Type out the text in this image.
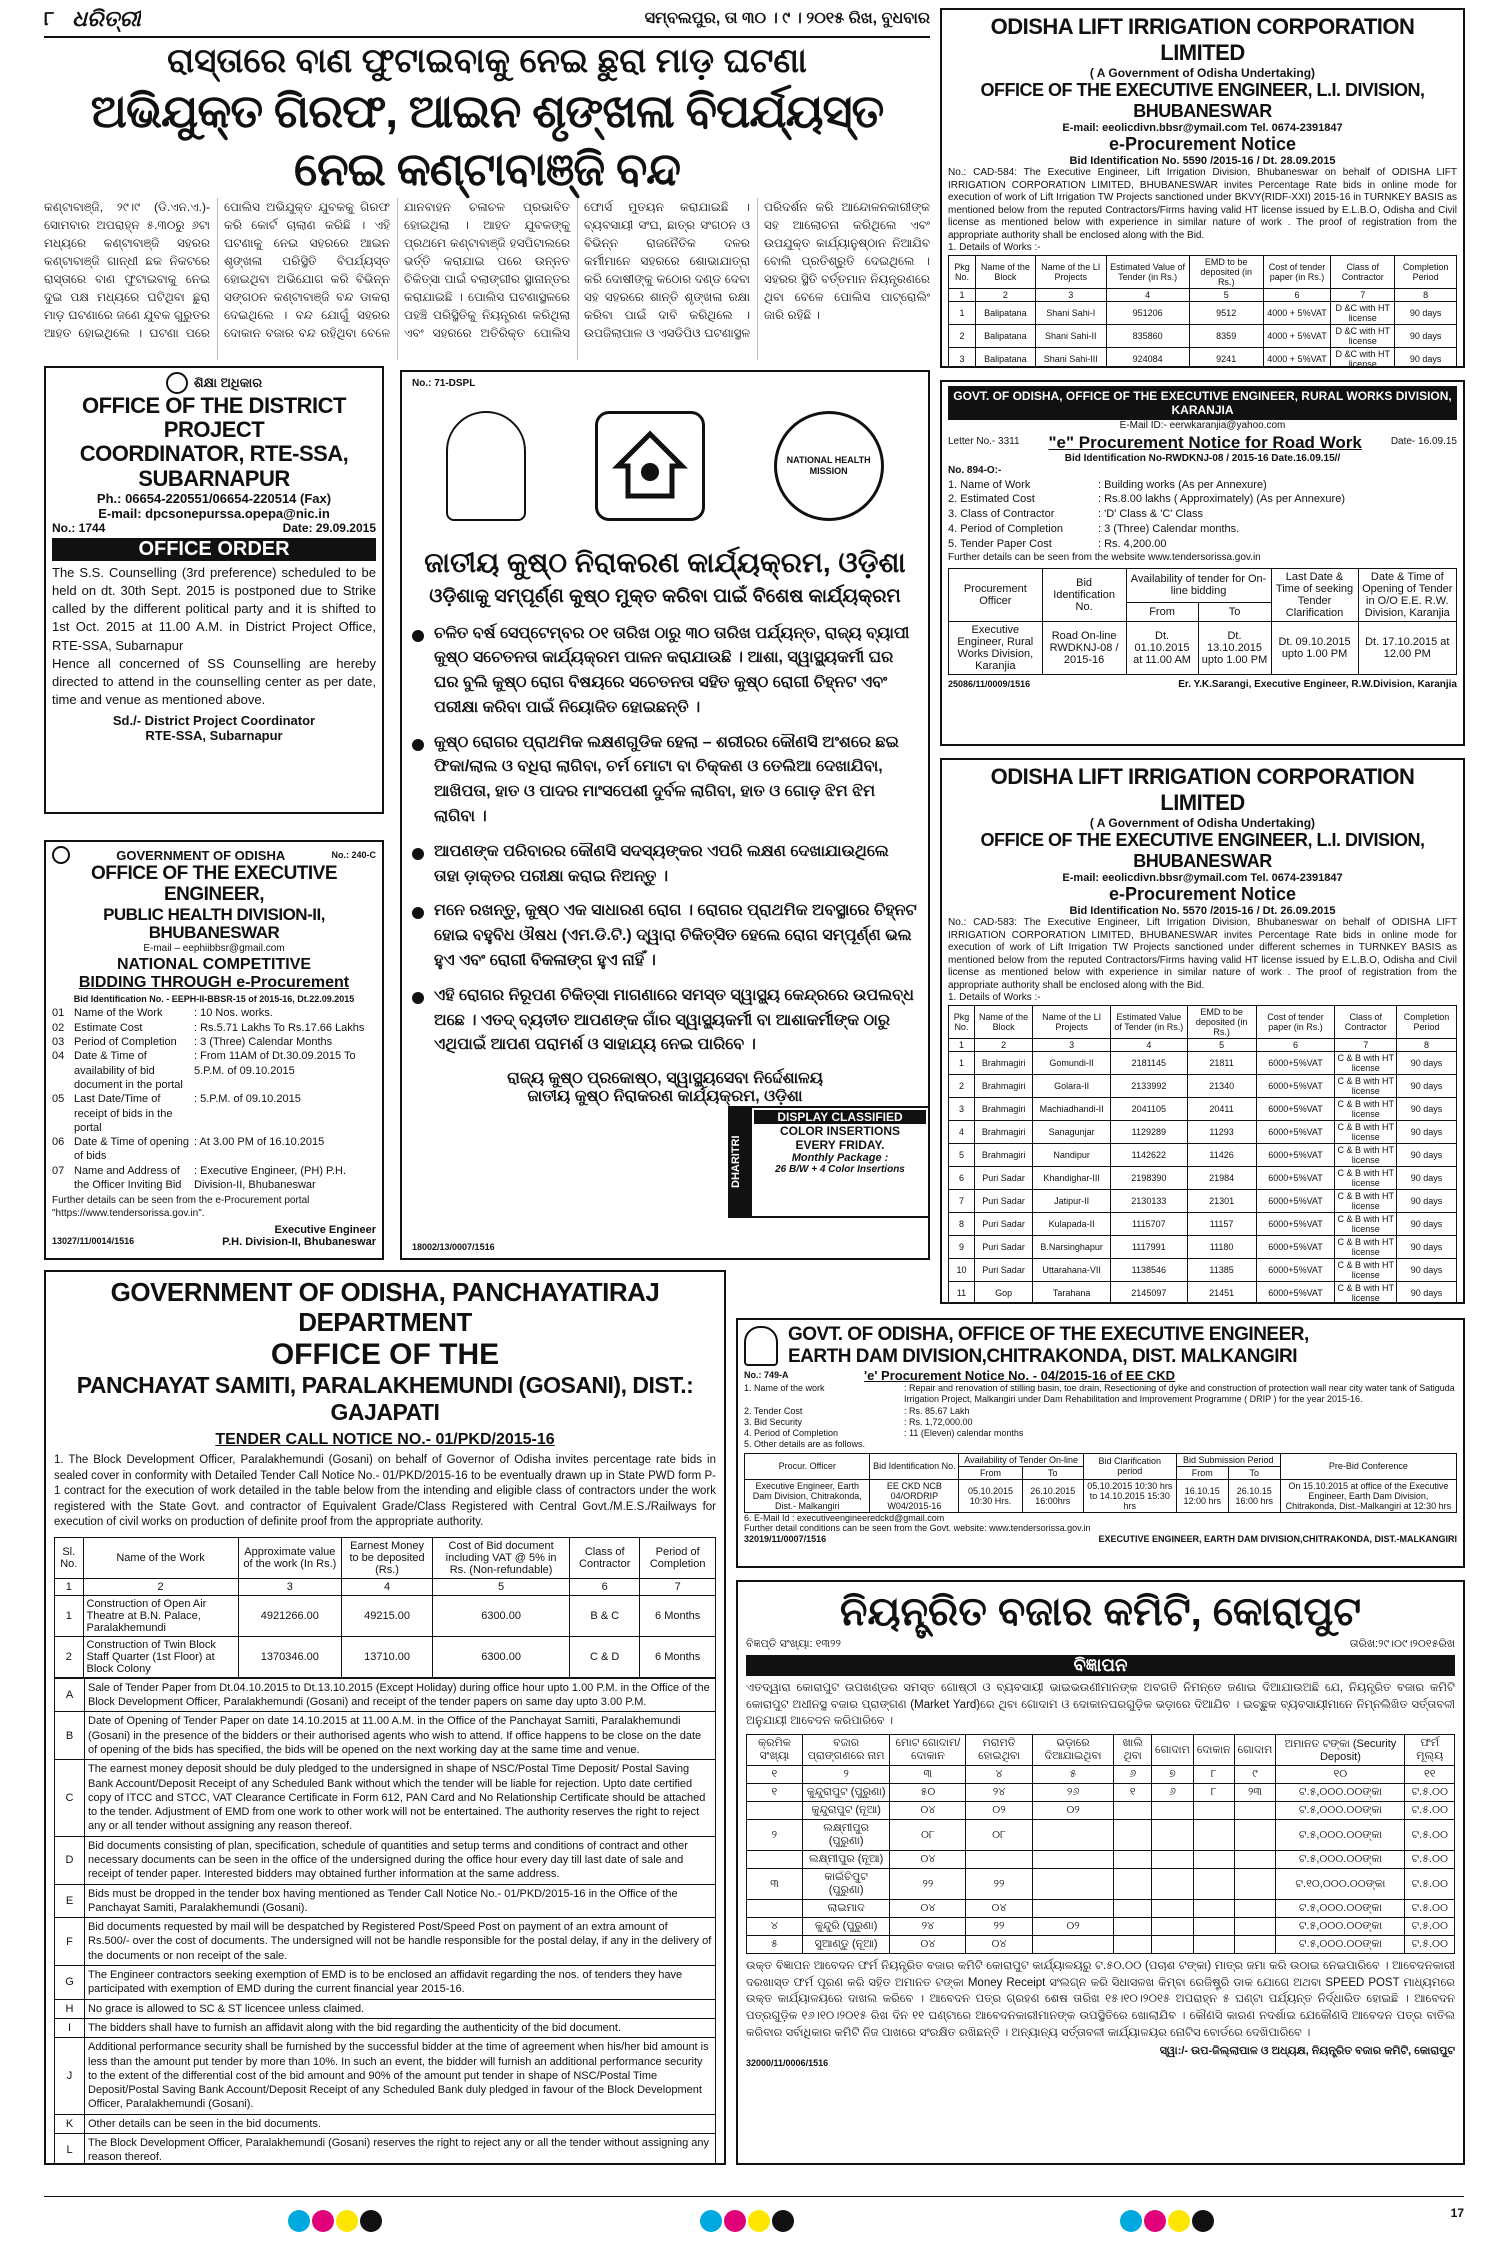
୮ ଧରିତ୍ରୀ	ସମ୍ବଲପୁର, ତା ୩୦ । ୯ । ୨୦୧୫ ରିଖ, ବୁଧବାର
ରାସ୍ତାରେ ବାଣ ଫୁଟାଇବାକୁ ନେଇ ଛୁରା ମାଡ଼ ଘଟଣା
ଅଭିଯୁକ୍ତ ଗିରଫ, ଆଇନ ଶୃଙ୍ଖଳା ବିପର୍ଯ୍ୟସ୍ତ ନେଇ କଣ୍ଟାବାଞ୍ଜି ବନ୍ଦ
କଣ୍ଟାବାଞ୍ଜି, ୨୯।୯ (ଡି.ଏନ.ଏ.)- ସୋମବାର ଅପରାହ୍ନ ୫.୩୦ରୁ ୬ଟା ମଧ୍ୟରେ କଣ୍ଟାବାଞ୍ଜି ସହରର କଣ୍ଟାବାଞ୍ଜି ଗାନ୍ଧୀ ଛକ ନିକଟରେ ରାସ୍ତାରେ ବାଣ ଫୁଟାଇବାକୁ ନେଇ ଦୁଇ ପକ୍ଷ ମଧ୍ୟରେ ଘଟିଥିବା ଛୁରା ମାଡ଼ ଘଟଣାରେ ଜଣେ ଯୁବକ ଗୁରୁତର ଆହତ ହୋଇଥିଲେ । ଘଟଣା ପରେ ପୋଲିସ ଅଭିଯୁକ୍ତ ଯୁବକକୁ ଗିରଫ କରି କୋର୍ଟ ଚାଲାଣ କରିଛି । ଏହି ଘଟଣାକୁ ନେଇ ସହରରେ ଆଇନ ଶୃଙ୍ଖଳା ପରିସ୍ଥିତି ବିପର୍ଯ୍ୟସ୍ତ ହୋଇଥିବା ଅଭିଯୋଗ କରି ବିଭିନ୍ନ ସଙ୍ଗଠନ କଣ୍ଟାବାଞ୍ଜି ବନ୍ଦ ଡାକରା ଦେଇଥିଲେ । ବନ୍ଦ ଯୋଗୁଁ ସହରର ଦୋକାନ ବଜାର ବନ୍ଦ ରହିଥିବା ବେଳେ ଯାନବାହନ ଚଳାଚଳ ପ୍ରଭାବିତ ହୋଇଥିଲା । ଆହତ ଯୁବକଙ୍କୁ ପ୍ରଥମେ କଣ୍ଟାବାଞ୍ଜି ହସପିଟାଲରେ ଭର୍ତ୍ତି କରାଯାଇ ପରେ ଉନ୍ନତ ଚିକିତ୍ସା ପାଇଁ ବଲାଙ୍ଗୀର ସ୍ଥାନାନ୍ତର କରାଯାଇଛି । ପୋଲିସ ଘଟଣାସ୍ଥଳରେ ପହଞ୍ଚି ପରିସ୍ଥିତିକୁ ନିୟନ୍ତ୍ରଣ କରିଥିଲା ଏବଂ ସହରରେ ଅତିରିକ୍ତ ପୋଲିସ ଫୋର୍ସ ମୁତୟନ କରାଯାଇଛି । ବ୍ୟବସାୟୀ ସଂଘ, ଛାତ୍ର ସଂଗଠନ ଓ ବିଭିନ୍ନ ରାଜନୈତିକ ଦଳର କର୍ମୀମାନେ ସହରରେ ଶୋଭାଯାତ୍ରା କରି ଦୋଷୀଙ୍କୁ କଠୋର ଦଣ୍ଡ ଦେବା ସହ ସହରରେ ଶାନ୍ତି ଶୃଙ୍ଖଳା ରକ୍ଷା କରିବା ପାଇଁ ଦାବି କରିଥିଲେ । ଉପଜିଲାପାଳ ଓ ଏସଡିପିଓ ଘଟଣାସ୍ଥଳ ପରିଦର୍ଶନ କରି ଆନ୍ଦୋଳନକାରୀଙ୍କ ସହ ଆଲୋଚନା କରିଥିଲେ ଏବଂ ଉପଯୁକ୍ତ କାର୍ଯ୍ୟାନୁଷ୍ଠାନ ନିଆଯିବ ବୋଲି ପ୍ରତିଶ୍ରୁତି ଦେଇଥିଲେ । ସହରର ସ୍ଥିତି ବର୍ତ୍ତମାନ ନିୟନ୍ତ୍ରଣରେ ଥିବା ବେଳେ ପୋଲିସ ପାଟ୍ରୋଲିଂ ଜାରି ରହିଛି ।
ODISHA LIFT IRRIGATION CORPORATION LIMITED
( A Government of Odisha Undertaking)
OFFICE OF THE EXECUTIVE ENGINEER, L.I. DIVISION, BHUBANESWAR
E-mail: eeolicdivn.bbsr@ymail.com Tel. 0674-2391847
e-Procurement Notice
Bid Identification No. 5590 /2015-16 / Dt. 28.09.2015
No.: CAD-584: The Executive Engineer, Lift Irrigation Division, Bhubaneswar on behalf of ODISHA LIFT IRRIGATION CORPORATION LIMITED, BHUBANESWAR invites Percentage Rate bids in online mode for execution of work of Lift Irrigation TW Projects sanctioned under BKVY(RIDF-XXI) 2015-16 in TURNKEY BASIS as mentioned below from the reputed Contractors/Firms having valid HT license issued by E.L.B.O, Odisha and Civil license as mentioned below with experience in similar nature of work . The proof of registration from the appropriate authority shall be enclosed along with the Bid.
1. Details of Works :-
Pkg No.	Name of the Block	Name of the LI Projects	Estimated Value of Tender (in Rs.)	EMD to be deposited (in Rs.)	Cost of tender paper (in Rs.)	Class of Contractor	Completion Period
1	2	3	4	5	6	7	8
1	Balipatana	Shani Sahi-I	951206	9512	4000 + 5%VAT	D &C with HT license	90 days
2	Balipatana	Shani Sahi-II	835860	8359	4000 + 5%VAT	D &C with HT license	90 days
3	Balipatana	Shani Sahi-III	924084	9241	4000 + 5%VAT	D &C with HT license	90 days

ଶିକ୍ଷା ଅଧିକାର
OFFICE OF THE DISTRICT PROJECT
COORDINATOR, RTE-SSA, SUBARNAPUR
Ph.: 06654-220551/06654-220514 (Fax)
E-mail: dpcsonepurssa.opepa@nic.in
No.: 1744	Date: 29.09.2015
OFFICE ORDER
The S.S. Counselling (3rd preference) scheduled to be held on dt. 30th Sept. 2015 is postponed due to Strike called by the different political party and it is shifted to 1st Oct. 2015 at 11.00 A.M. in District Project Office, RTE-SSA, Subarnapur
Hence all concerned of SS Counselling are hereby directed to attend in the counselling center as per date, time and venue as mentioned above.
Sd./- District Project Coordinator
RTE-SSA, Subarnapur
GOVERNMENT OF ODISHA	No.: 240-C
OFFICE OF THE EXECUTIVE ENGINEER,
PUBLIC HEALTH DIVISION-II, BHUBANESWAR
E-mail – eephiibbsr@gmail.com
NATIONAL COMPETITIVE
BIDDING THROUGH e-Procurement
Bid Identification No. - EEPH-II-BBSR-15 of 2015-16, Dt.22.09.2015
01 Name of the Work	: 10 Nos. works.
02 Estimate Cost	: Rs.5.71 Lakhs To Rs.17.66 Lakhs
03 Period of Completion	: 3 (Three) Calendar Months
04 Date & Time of availability of bid document in the portal
: From 11AM of Dt.30.09.2015 To 5.P.M. of 09.10.2015
05 Last Date/Time of receipt of bids in the portal
: 5.P.M. of 09.10.2015
06 Date & Time of opening of bids
: At 3.00 PM of 16.10.2015
07 Name and Address of the Officer Inviting Bid
: Executive Engineer, (PH) P.H. Division-II, Bhubaneswar
Further details can be seen from the e-Procurement portal "https://www.tendersorissa.gov.in".
Executive Engineer
13027/11/0014/1516	P.H. Division-II, Bhubaneswar
No.: 71-DSPL
NATIONAL HEALTH MISSION
ଜାତୀୟ କୁଷ୍ଠ ନିରାକରଣ କାର୍ଯ୍ୟକ୍ରମ, ଓଡ଼ିଶା
ଓଡ଼ିଶାକୁ ସମ୍ପୂର୍ଣ୍ଣ କୁଷ୍ଠ ମୁକ୍ତ କରିବା ପାଇଁ ବିଶେଷ କାର୍ଯ୍ୟକ୍ରମ
ଚଳିତ ବର୍ଷ ସେପ୍ଟେମ୍ବର ୦୧ ତାରିଖ ଠାରୁ ୩୦ ତାରିଖ ପର୍ଯ୍ୟନ୍ତ, ରାଜ୍ୟ ବ୍ୟାପୀ କୁଷ୍ଠ ସଚେତନତା କାର୍ଯ୍ୟକ୍ରମ ପାଳନ କରାଯାଉଛି । ଆଶା, ସ୍ୱାସ୍ଥ୍ୟକର୍ମୀ ଘର ଘର ବୁଲି କୁଷ୍ଠ ରୋଗ ବିଷୟରେ ସଚେତନତା ସହିତ କୁଷ୍ଠ ରୋଗୀ ଚିହ୍ନଟ ଏବଂ ପରୀକ୍ଷା କରିବା ପାଇଁ ନିୟୋଜିତ ହୋଇଛନ୍ତି ।
କୁଷ୍ଠ ରୋଗର ପ୍ରାଥମିକ ଲକ୍ଷଣଗୁଡିକ ହେଲା – ଶରୀରର କୌଣସି ଅଂଶରେ ଛଇ ଫିକା/ଲାଲ ଓ ବଧିରା ଲାଗିବା, ଚର୍ମ ମୋଟା ବା ଚିକ୍କଣ ଓ ତେଲିଆ ଦେଖାଯିବା, ଆଖିପତା, ହାତ ଓ ପାଦର ମାଂସପେଶୀ ଦୁର୍ବଳ ଲାଗିବା, ହାତ ଓ ଗୋଡ଼ ଝିମ ଝିମ ଲାଗିବା ।
ଆପଣଙ୍କ ପରିବାରର କୌଣସି ସଦସ୍ୟଙ୍କର ଏପରି ଲକ୍ଷଣ ଦେଖାଯାଉଥିଲେ ତାହା ଡ଼ାକ୍ତର ପରୀକ୍ଷା କରାଇ ନିଅନ୍ତୁ ।
ମନେ ରଖନ୍ତୁ, କୁଷ୍ଠ ଏକ ସାଧାରଣ ରୋଗ । ରୋଗର ପ୍ରାଥମିକ ଅବସ୍ଥାରେ ଚିହ୍ନଟ ହୋଇ ବହୁବିଧ ଔଷଧ (ଏମ.ଡି.ଟି.) ଦ୍ୱାରା ଚିକିତ୍ସିତ ହେଲେ ରୋଗ ସମ୍ପୂର୍ଣ୍ଣ ଭଲ ହୁଏ ଏବଂ ରୋଗୀ ବିକଳାଙ୍ଗ ହୁଏ ନାହିଁ ।
ଏହି ରୋଗର ନିରୂପଣ ଚିକିତ୍ସା ମାଗଣାରେ ସମସ୍ତ ସ୍ୱାସ୍ଥ୍ୟ କେନ୍ଦ୍ରରେ ଉପଲବ୍ଧ ଅଛେ । ଏତଦ୍ ବ୍ୟତୀତ ଆପଣଙ୍କ ଗାଁର ସ୍ୱାସ୍ଥ୍ୟକର୍ମୀ ବା ଆଶାକର୍ମୀଙ୍କ ଠାରୁ ଏଥିପାଇଁ ଆପଣ ପରାମର୍ଶ ଓ ସାହାଯ୍ୟ ନେଇ ପାରିବେ ।
ରାଜ୍ୟ କୁଷ୍ଠ ପ୍ରକୋଷ୍ଠ, ସ୍ୱାସ୍ଥ୍ୟସେବା ନିର୍ଦ୍ଦେଶାଳୟ
ଜାତୀୟ କୁଷ୍ଠ ନିରାକରଣ କାର୍ଯ୍ୟକ୍ରମ, ଓଡ଼ିଶା
18002/13/0007/1516
GOVT. OF ODISHA, OFFICE OF THE EXECUTIVE ENGINEER, RURAL WORKS DIVISION, KARANJIA
E-Mail ID:- eerwkaranjia@yahoo.com
Letter No.- 3311 "e" Procurement Notice for Road Work	Date- 16.09.15
Bid Identification No-RWDKNJ-08 / 2015-16 Date.16.09.15//
No. 894-O:-
1. Name of Work	: Building works (As per Annexure)
2. Estimated Cost	: Rs.8.00 lakhs ( Approximately) (As per Annexure)
3. Class of Contractor	: 'D' Class & 'C' Class
4. Period of Completion	: 3 (Three) Calendar months.
5. Tender Paper Cost	: Rs. 4,200.00
Further details can be seen from the website www.tendersorissa.gov.in
Procurement Officer	Bid Identification No.	Availability of tender for On-line bidding		Last Date & Time of seeking Tender Clarification	Date & Time of Opening of Tender in O/O E.E. R.W. Division, Karanjia
		From	To		
Executive Engineer, Rural Works Division, Karanjia	Road On-line RWDKNJ-08 / 2015-16	Dt. 01.10.2015 at 11.00 AM	Dt. 13.10.2015 upto 1.00 PM	Dt. 09.10.2015 upto 1.00 PM	Dt. 17.10.2015 at 12.00 PM
25086/11/0009/1516	Er. Y.K.Sarangi, Executive Engineer, R.W.Division, Karanjia
ODISHA LIFT IRRIGATION CORPORATION LIMITED
( A Government of Odisha Undertaking)
OFFICE OF THE EXECUTIVE ENGINEER, L.I. DIVISION, BHUBANESWAR
E-mail: eeolicdivn.bbsr@ymail.com Tel. 0674-2391847
e-Procurement Notice
Bid Identification No. 5570 /2015-16 / Dt. 26.09.2015
No.: CAD-583: The Executive Engineer, Lift Irrigation Division, Bhubaneswar on behalf of ODISHA LIFT IRRIGATION CORPORATION LIMITED, BHUBANESWAR invites Percentage Rate bids in online mode for execution of work of Lift Irrigation TW Projects sanctioned under different schemes in TURNKEY BASIS as mentioned below from the reputed Contractors/Firms having valid HT license issued by E.L.B.O, Odisha and Civil license as mentioned below with experience in similar nature of work . The proof of registration from the appropriate authority shall be enclosed along with the Bid.
1. Details of Works :-
Pkg No.	Name of the Block	Name of the LI Projects	Estimated Value of Tender (in Rs.)	EMD to be deposited (in Rs.)	Cost of tender paper (in Rs.)	Class of Contractor	Completion Period
1	2	3	4	5	6	7	8
1	Brahmagiri	Gomundi-II	2181145	21811	6000+5%VAT	C & B with HT license	90 days
2	Brahmagiri	Golara-II	2133992	21340	6000+5%VAT	C & B with HT license	90 days
3	Brahmagiri	Machiadhandi-II	2041105	20411	6000+5%VAT	C & B with HT license	90 days
4	Brahmagiri	Sanagunjar	1129289	11293	6000+5%VAT	C & B with HT license	90 days
5	Brahmagiri	Nandipur	1142622	11426	6000+5%VAT	C & B with HT license	90 days
6	Puri Sadar	Khandighar-III	2198390	21984	6000+5%VAT	C & B with HT license	90 days
7	Puri Sadar	Jatipur-II	2130133	21301	6000+5%VAT	C & B with HT license	90 days
8	Puri Sadar	Kulapada-II	1115707	11157	6000+5%VAT	C & B with HT license	90 days
9	Puri Sadar	B.Narsinghapur	1117991	11180	6000+5%VAT	C & B with HT license	90 days
10	Puri Sadar	Uttarahana-VII	1138546	11385	6000+5%VAT	C & B with HT license	90 days
11	Gop	Tarahana	2145097	21451	6000+5%VAT	C & B with HT license	90 days

DHARITRI
DISPLAY CLASSIFIED
COLOR INSERTIONS
EVERY FRIDAY.
Monthly Package :
26 B/W + 4 Color Insertions
GOVERNMENT OF ODISHA, PANCHAYATIRAJ DEPARTMENT
OFFICE OF THE
PANCHAYAT SAMITI, PARALAKHEMUNDI (GOSANI), DIST.: GAJAPATI
TENDER CALL NOTICE NO.- 01/PKD/2015-16
1. The Block Development Officer, Paralakhemundi (Gosani) on behalf of Governor of Odisha invites percentage rate bids in sealed cover in conformity with Detailed Tender Call Notice No.- 01/PKD/2015-16 to be eventually drawn up in State PWD form P-1 contract for the execution of work detailed in the table below from the intending and eligible class of contractors under the work registered with the State Govt. and contractor of Equivalent Grade/Class Registered with Central Govt./M.E.S./Railways for execution of civil works on production of definite proof from the appropriate authority.
Sl. No.	Name of the Work	Approximate value of the work (In Rs.)	Earnest Money to be deposited (Rs.)	Cost of Bid document including VAT @ 5% in Rs. (Non-refundable)	Class of Contractor	Period of Completion
1	2	3	4	5	6	7
1	Construction of Open Air Theatre at B.N. Palace, Paralakhemundi	4921266.00	49215.00	6300.00	B & C	6 Months
2	Construction of Twin Block Staff Quarter (1st Floor) at Block Colony	1370346.00	13710.00	6300.00	C & D	6 Months
A	Sale of Tender Paper from Dt.04.10.2015 to Dt.13.10.2015 (Except Holiday) during office hour upto 1.00 P.M. in the Office of the Block Development Officer, Paralakhemundi (Gosani) and receipt of the tender papers on same day upto 3.00 P.M.
B	Date of Opening of Tender Paper on date 14.10.2015 at 11.00 A.M. in the Office of the Panchayat Samiti, Paralakhemundi (Gosani) in the presence of the bidders or their authorised agents who wish to attend. If office happens to be close on the date of opening of the bids has specified, the bids will be opened on the next working day at the same time and venue.
C	The earnest money deposit should be duly pledged to the undersigned in shape of NSC/Postal Time Deposit/ Postal Saving Bank Account/Deposit Receipt of any Scheduled Bank without which the tender will be liable for rejection. Upto date certified copy of ITCC and STCC, VAT Clearance Certificate in Form 612, PAN Card and No Relationship Certificate should be attached to the tender. Adjustment of EMD from one work to other work will not be entertained. The authority reserves the right to reject any or all tender without assigning any reason thereof.
D	Bid documents consisting of plan, specification, schedule of quantities and setup terms and conditions of contract and other necessary documents can be seen in the office of the undersigned during the office hour every day till last date of sale and receipt of tender paper. Interested bidders may obtained further information at the same address.
E	Bids must be dropped in the tender box having mentioned as Tender Call Notice No.- 01/PKD/2015-16 in the Office of the Panchayat Samiti, Paralakhemundi (Gosani).
F	Bid documents requested by mail will be despatched by Registered Post/Speed Post on payment of an extra amount of Rs.500/- over the cost of documents. The undersigned will not be handle responsible for the postal delay, if any in the delivery of the documents or non receipt of the sale.
G	The Engineer contractors seeking exemption of EMD is to be enclosed an affidavit regarding the nos. of tenders they have participated with exemption of EMD during the current financial year 2015-16.
H	No grace is allowed to SC & ST licencee unless claimed.
I	The bidders shall have to furnish an affidavit along with the bid regarding the authenticity of the bid document.
J	Additional performance security shall be furnished by the successful bidder at the time of agreement when his/her bid amount is less than the amount put tender by more than 10%. In such an event, the bidder will furnish an additional performance security to the extent of the differential cost of the bid amount and 90% of the amount put tender in shape of NSC/Postal Time Deposit/Postal Saving Bank Account/Deposit Receipt of any Scheduled Bank duly pledged in favour of the Block Development Officer, Paralakhemundi (Gosani).
K	Other details can be seen in the bid documents.
L	The Block Development Officer, Paralakhemundi (Gosani) reserves the right to reject any or all the tender without assigning any reason thereof.
GOVT. OF ODISHA, OFFICE OF THE EXECUTIVE ENGINEER,
EARTH DAM DIVISION,CHITRAKONDA, DIST. MALKANGIRI
No.: 749-A	'e' Procurement Notice No. - 04/2015-16 of EE CKD
1. Name of the work	: Repair and renovation of stilling basin, toe drain, Resectioning of dyke and construction of protection wall near city water tank of Satiguda Irrigation Project, Malkangiri under Dam Rehabilitation and Improvement Programme ( DRIP ) for the year 2015-16.
2. Tender Cost	: Rs. 85.67 Lakh
3. Bid Security	: Rs. 1,72,000.00
4. Period of Completion	: 11 (Eleven) calendar months
5. Other details are as follows.
Procur. Officer	Bid Identification No.	Availability of Tender On-line		Bid Clarification period	Bid Submission Period		Pre-Bid Conference
		From	To		From	To	
Executive Engineer, Earth Dam Division, Chitrakonda, Dist.- Malkangiri	EE CKD NCB 04/ORDRIP W04/2015-16	05.10.2015 10:30 Hrs.	26.10.2015 16:00hrs	05.10.2015 10:30 hrs to 14.10.2015 15:30 hrs	16.10.15 12:00 hrs	26.10.15 16:00 hrs	On 15.10.2015 at office of the Executive Engineer, Earth Dam Division, Chitrakonda, Dist.-Malkangiri at 12:30 hrs
6. E-Mail Id : executiveengineeredckd@gmail.com
Further detail conditions can be seen from the Govt. website: www.tendersorissa.gov.in
32019/11/0007/1516	EXECUTIVE ENGINEER, EARTH DAM DIVISION,CHITRAKONDA, DIST.-MALKANGIRI
ନିୟନ୍ତ୍ରିତ ବଜାର କମିଟି, କୋରାପୁଟ
ବିଜ୍ଞପ୍ତି ସଂଖ୍ୟା: ୧୩୨୨	ତାରିଖ:୨୯।୦୯।୨୦୧୫ରିଖ
ବିଜ୍ଞାପନ
ଏତଦ୍ୱାରା କୋରାପୁଟ ଉପଖଣ୍ଡର ସମସ୍ତ ଗୋଷ୍ଠୀ ଓ ବ୍ୟବସାୟୀ ଭାଇଭଉଣୀମାନଙ୍କ ଅବଗତି ନିମନ୍ତେ ଜଣାଇ ଦିଆଯାଉଅଛି ଯେ, ନିୟନ୍ତ୍ରିତ ବଜାର କମିଟି କୋରାପୁଟ ଅଧୀନସ୍ଥ ବଜାର ପ୍ରାଙ୍ଗଣ (Market Yard)ରେ ଥିବା ଗୋଦାମ ଓ ଦୋକାନଘରଗୁଡ଼ିକ ଭଡ଼ାରେ ଦିଆଯିବ । ଇଚ୍ଛୁକ ବ୍ୟବସାୟୀମାନେ ନିମ୍ନଲିଖିତ ସର୍ତ୍ତାବଳୀ ଅନୁଯାୟୀ ଆବେଦନ କରିପାରିବେ ।
କ୍ରମିକ ସଂଖ୍ୟା	ବଜାର ପ୍ରାଙ୍ଗଣରେ ନାମ	ମୋଟ ଗୋଦାମ/ ଦୋକାନ	ମରାମତି ହୋଇଥିବା	ଭଡ଼ାରେ ଦିଆଯାଇଥିବା	ଖାଲି ଥିବା	ଗୋଦାମ	ଦୋକାନ	ଗୋଦାମ	ଅମାନତ ଟଙ୍କା (Security Deposit)	ଫର୍ମ ମୂଲ୍ୟ
୧	୨	୩	୪	୫	୬	୭	୮	୯	୧୦	୧୧
୧	କୁନ୍ଦୁରାପୁଟ (ପୁରୁଣା)	୫୦	୨୪	୨୬	୧	୬	୮	୨୩	ଟ.୫,୦୦୦.୦୦ଙ୍କା	ଟ.୫.୦୦
	କୁନ୍ଦୁରାପୁଟ (ନୂଆ)	୦୪	୦୨	୦୨					ଟ.୫,୦୦୦.୦୦ଙ୍କା	ଟ.୫.୦୦
୨	ଲକ୍ଷ୍ମୀପୁର (ପୁରୁଣା)	୦୮	୦୮						ଟ.୫,୦୦୦.୦୦ଙ୍କା	ଟ.୫.୦୦
	ଲକ୍ଷ୍ମୀପୁର (ନୂଆ)	୦୪							ଟ.୫,୦୦୦.୦୦ଙ୍କା	ଟ.୫.୦୦
୩	କାଇଁଚିପୁଟ (ପୁରୁଣା)	୨୨	୨୨						ଟ.୧୦,୦୦୦.୦୦ଙ୍କା	ଟ.୫.୦୦
	ଲାଇମାଦ	୦୪	୦୪						ଟ.୫,୦୦୦.୦୦ଙ୍କା	ଟ.୫.୦୦
୪	କୁନ୍ଦୁରି (ପୁରୁଣା)	୨୪	୨୨	୦୨					ଟ.୫,୦୦୦.୦୦ଙ୍କା	ଟ.୫.୦୦
୫	ସୁଆଣ୍ଡୁ (ନୂଆ)	୦୪	୦୪						ଟ.୫,୦୦୦.୦୦ଙ୍କା	ଟ.୫.୦୦
ଉକ୍ତ ବିଜ୍ଞାପନ ଆବେଦନ ଫର୍ମ ନିୟନ୍ତ୍ରିତ ବଜାର କମିଟି କୋରାପୁଟ କାର୍ଯ୍ୟାଳୟରୁ ଟ.୫୦.୦୦ (ପଚାଶ ଟଙ୍କା) ମାତ୍ର ଜମା କରି ଉଠାଇ ନେଇପାରିବେ । ଆବେଦନକାରୀ ଦରଖାସ୍ତ ଫର୍ମ ପୂରଣ କରି ସହିତ ଅମାନତ ଟଙ୍କା Money Receipt ସଂଲଗ୍ନ କରି ସିଧାସଳଖ କିମ୍ବା ରେଜିଷ୍ଟ୍ରି ଡାକ ଯୋଗେ ଅଥବା SPEED POST ମାଧ୍ୟମରେ ଉକ୍ତ କାର୍ଯ୍ୟାଳୟରେ ଦାଖଲ କରିବେ । ଆବେଦନ ପତ୍ର ଗ୍ରହଣ ଶେଷ ତାରିଖ ୧୫।୧୦।୨୦୧୫ ଅପରାହ୍ନ ୫ ଘଣ୍ଟା ପର୍ଯ୍ୟନ୍ତ ନିର୍ଦ୍ଧାରିତ ହୋଇଛି । ଆବେଦନ ପତ୍ରଗୁଡ଼ିକ ୧୬।୧୦।୨୦୧୫ ରିଖ ଦିନ ୧୧ ଘଣ୍ଟାରେ ଆବେଦନକାରୀମାନଙ୍କ ଉପସ୍ଥିତିରେ ଖୋଲାଯିବ । କୌଣସି କାରଣ ନଦର୍ଶାଇ ଯେକୌଣସି ଆବେଦନ ପତ୍ର ବାତିଲ କରିବାର ସର୍ବାଧିକାର କମିଟି ନିଜ ପାଖରେ ସଂରକ୍ଷିତ ରଖିଛନ୍ତି । ଅନ୍ୟାନ୍ୟ ସର୍ତ୍ତାବଳୀ କାର୍ଯ୍ୟାଳୟର ନୋଟିସ ବୋର୍ଡରେ ଦେଖିପାରିବେ ।
ସ୍ୱା:/- ଉପ-ଜିଲ୍ଲାପାଳ ଓ ଅଧ୍ୟକ୍ଷ, ନିୟନ୍ତ୍ରିତ ବଜାର କମିଟି, କୋରାପୁଟ
32000/11/0006/1516
17
